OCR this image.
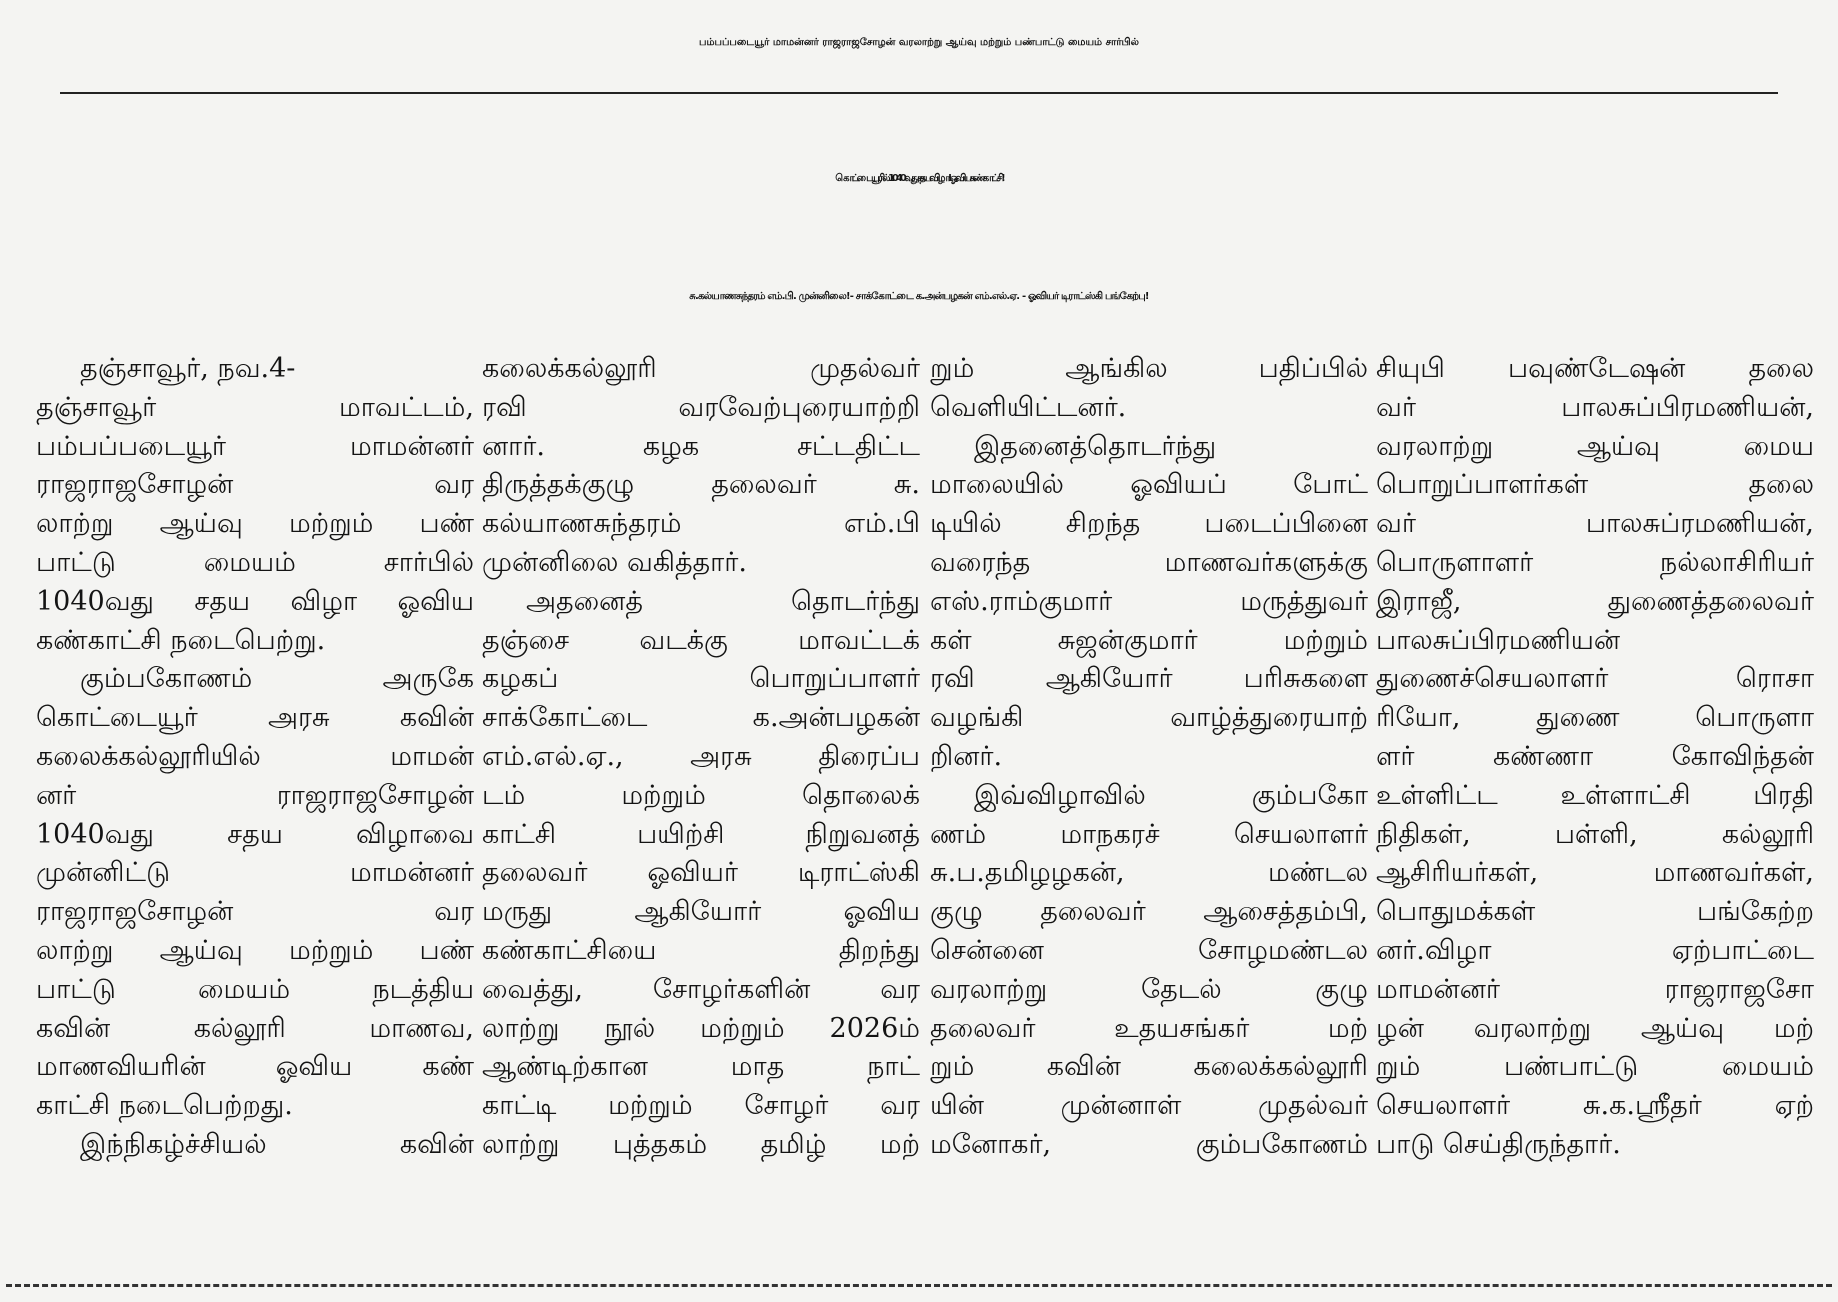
பம்பப்படையூர் மாமன்னர் ராஜராஜசோழன் வரலாற்று ஆய்வு மற்றும் பண்பாட்டு மையம் சார்பில்
கொட்டையூரில் 1040 வது சதய விழா! ஓவிய கண்காட்சி!
சு.கல்யாணசுந்தரம் எம்.பி. முன்னிலை!- சாக்கோட்டை க.அன்பழகன் எம்.எல்.ஏ. - ஓவியர் டிராட்ஸ்கி பங்கேற்பு!
தஞ்சாவூர், நவ.4-
தஞ்சாவூர் மாவட்டம்,
பம்பப்படையூர் மாமன்னர்
ராஜராஜசோழன் வர
லாற்று ஆய்வு மற்றும் பண்
பாட்டு மையம் சார்பில்
1040வது சதய விழா ஓவிய
கண்காட்சி நடைபெற்று.
கும்பகோணம் அருகே
கொட்டையூர் அரசு கவின்
கலைக்கல்லூரியில் மாமன்
னர் ராஜராஜசோழன்
1040வது சதய விழாவை
முன்னிட்டு மாமன்னர்
ராஜராஜசோழன் வர
லாற்று ஆய்வு மற்றும் பண்
பாட்டு மையம் நடத்திய
கவின் கல்லூரி மாணவ,
மாணவியரின் ஓவிய கண்
காட்சி நடைபெற்றது.
இந்நிகழ்ச்சியல் கவின்
கலைக்கல்லூரி முதல்வர்
ரவி வரவேற்புரையாற்றி
னார். கழக சட்டதிட்ட
திருத்தக்குழு தலைவர் சு.
கல்யாணசுந்தரம் எம்.பி
முன்னிலை வகித்தார்.
அதனைத் தொடர்ந்து
தஞ்சை வடக்கு மாவட்டக்
கழகப் பொறுப்பாளர்
சாக்கோட்டை க.அன்பழகன்
எம்.எல்.ஏ., அரசு திரைப்ப
டம் மற்றும் தொலைக்
காட்சி பயிற்சி நிறுவனத்
தலைவர் ஓவியர் டிராட்ஸ்கி
மருது ஆகியோர் ஓவிய
கண்காட்சியை திறந்து
வைத்து, சோழர்களின் வர
லாற்று நூல் மற்றும் 2026ம்
ஆண்டிற்கான மாத நாட்
காட்டி மற்றும் சோழர் வர
லாற்று புத்தகம் தமிழ் மற்
றும் ஆங்கில பதிப்பில்
வெளியிட்டனர்.
இதனைத்தொடர்ந்து
மாலையில் ஓவியப் போட்
டியில் சிறந்த படைப்பினை
வரைந்த மாணவர்களுக்கு
எஸ்.ராம்குமார் மருத்துவர்
கள் சுஜன்குமார் மற்றும்
ரவி ஆகியோர் பரிசுகளை
வழங்கி வாழ்த்துரையாற்
றினர்.
இவ்விழாவில் கும்பகோ
ணம் மாநகரச் செயலாளர்
சு.ப.தமிழழகன், மண்டல
குழு தலைவர் ஆசைத்தம்பி,
சென்னை சோழமண்டல
வரலாற்று தேடல் குழு
தலைவர் உதயசங்கர் மற்
றும் கவின் கலைக்கல்லூரி
யின் முன்னாள் முதல்வர்
மனோகர், கும்பகோணம்
சியுபி பவுண்டேஷன் தலை
வர் பாலசுப்பிரமணியன்,
வரலாற்று ஆய்வு மைய
பொறுப்பாளர்கள் தலை
வர் பாலசுப்ரமணியன்,
பொருளாளர் நல்லாசிரியர்
இராஜீ, துணைத்தலைவர்
பாலசுப்பிரமணியன்
துணைச்செயலாளர் ரொசா
ரியோ, துணை பொருளா
ளர் கண்ணா கோவிந்தன்
உள்ளிட்ட உள்ளாட்சி பிரதி
நிதிகள், பள்ளி, கல்லூரி
ஆசிரியர்கள், மாணவர்கள்,
பொதுமக்கள் பங்கேற்ற
னர்.விழா ஏற்பாட்டை
மாமன்னர் ராஜராஜசோ
ழன் வரலாற்று ஆய்வு மற்
றும் பண்பாட்டு மையம்
செயலாளர் சு.க.ஸ்ரீதர் ஏற்
பாடு செய்திருந்தார்.
